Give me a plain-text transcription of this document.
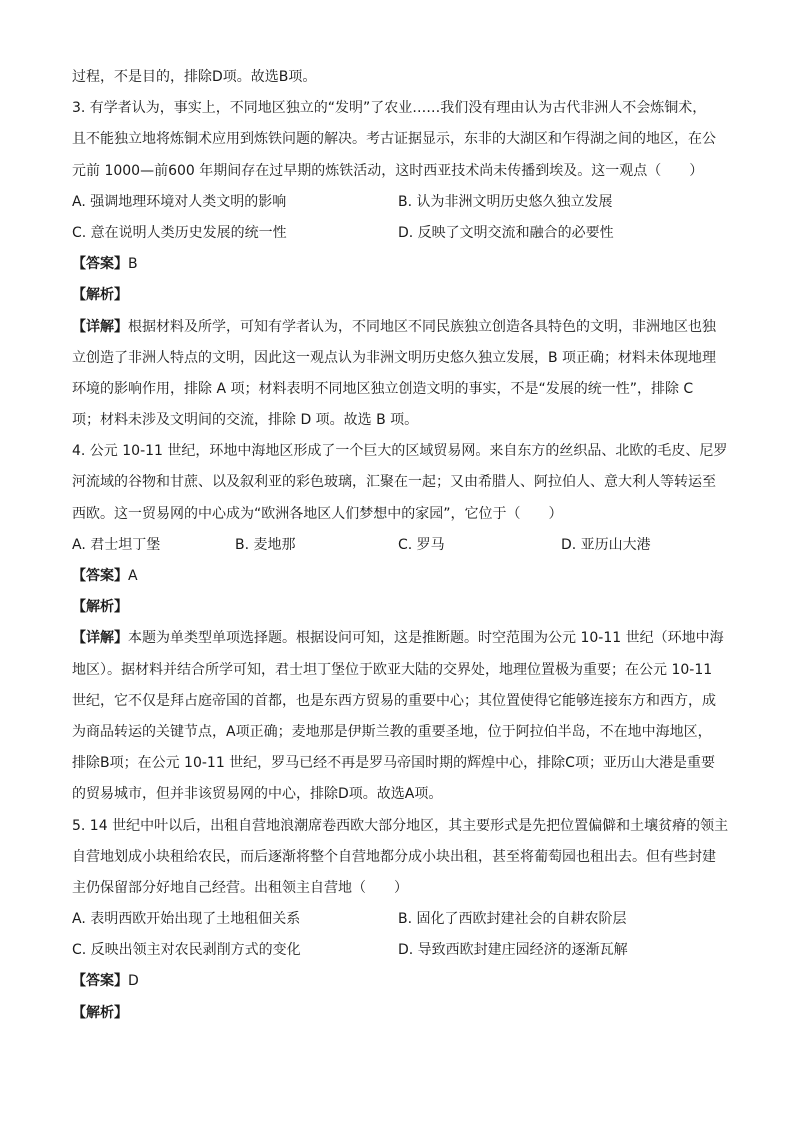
过程，不是目的，排除D项。故选B项。
3. 有学者认为，事实上，不同地区独立的“发明”了农业……我们没有理由认为古代非洲人不会炼铜术，
且不能独立地将炼铜术应用到炼铁问题的解决。考古证据显示，东非的大湖区和乍得湖之间的地区，在公
元前 1000—前600 年期间存在过早期的炼铁活动，这时西亚技术尚未传播到埃及。这一观点（　　）
A. 强调地理环境对人类文明的影响	B. 认为非洲文明历史悠久独立发展
C. 意在说明人类历史发展的统一性	D. 反映了文明交流和融合的必要性
【答案】B
【解析】
【详解】根据材料及所学，可知有学者认为，不同地区不同民族独立创造各具特色的文明，非洲地区也独
立创造了非洲人特点的文明，因此这一观点认为非洲文明历史悠久独立发展，B 项正确；材料未体现地理
环境的影响作用，排除 A 项；材料表明不同地区独立创造文明的事实，不是“发展的统一性”，排除 C
项；材料未涉及文明间的交流，排除 D 项。故选 B 项。
4. 公元 10-11 世纪，环地中海地区形成了一个巨大的区域贸易网。来自东方的丝织品、北欧的毛皮、尼罗
河流域的谷物和甘蔗、以及叙利亚的彩色玻璃，汇聚在一起；又由希腊人、阿拉伯人、意大利人等转运至
西欧。这一贸易网的中心成为“欧洲各地区人们梦想中的家园”，它位于（　　）
A. 君士坦丁堡	B. 麦地那	C. 罗马	D. 亚历山大港
【答案】A
【解析】
【详解】本题为单类型单项选择题。根据设问可知，这是推断题。时空范围为公元 10-11 世纪（环地中海
地区）。据材料并结合所学可知，君士坦丁堡位于欧亚大陆的交界处，地理位置极为重要；在公元 10-11
世纪，它不仅是拜占庭帝国的首都，也是东西方贸易的重要中心；其位置使得它能够连接东方和西方，成
为商品转运的关键节点，A项正确；麦地那是伊斯兰教的重要圣地，位于阿拉伯半岛，不在地中海地区，
排除B项；在公元 10-11 世纪，罗马已经不再是罗马帝国时期的辉煌中心，排除C项；亚历山大港是重要
的贸易城市，但并非该贸易网的中心，排除D项。故选A项。
5. 14 世纪中叶以后，出租自营地浪潮席卷西欧大部分地区，其主要形式是先把位置偏僻和土壤贫瘠的领主
自营地划成小块租给农民，而后逐渐将整个自营地都分成小块出租，甚至将葡萄园也租出去。但有些封建
主仍保留部分好地自己经营。出租领主自营地（　　）
A. 表明西欧开始出现了土地租佃关系	B. 固化了西欧封建社会的自耕农阶层
C. 反映出领主对农民剥削方式的变化	D. 导致西欧封建庄园经济的逐渐瓦解
【答案】D
【解析】
